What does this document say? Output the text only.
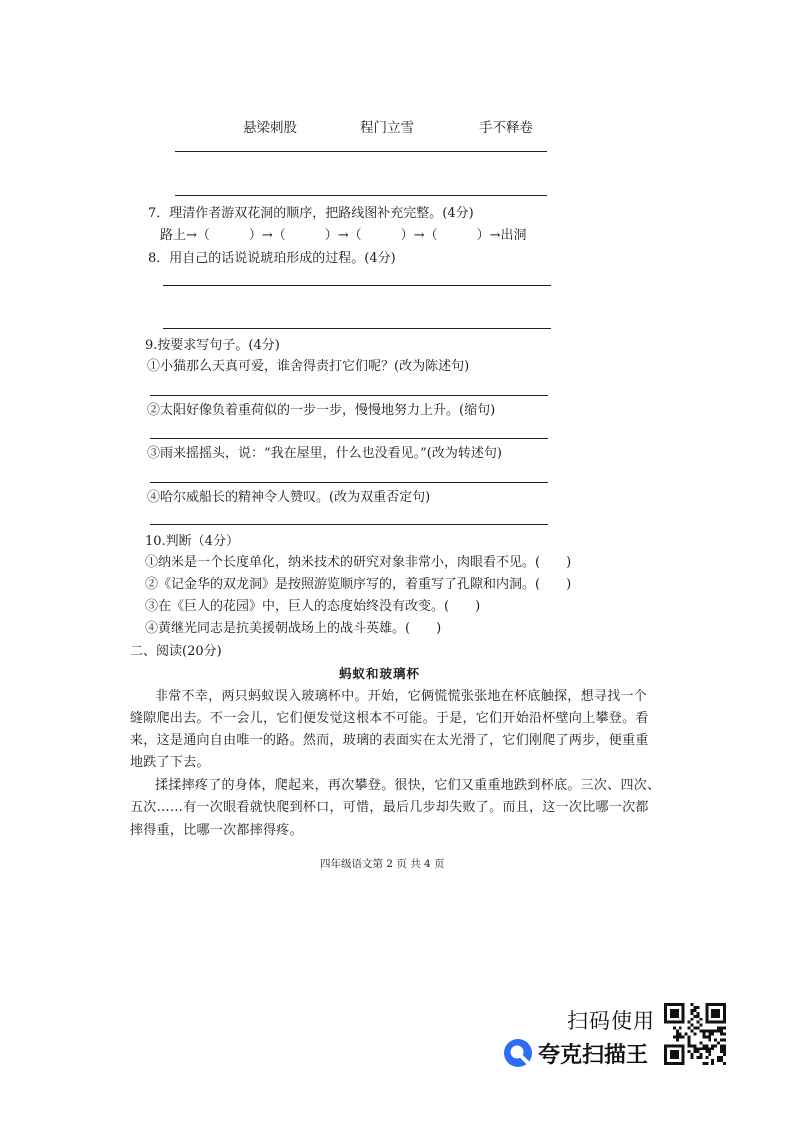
悬梁刺股	程门立雪	手不释卷
7．理清作者游双花洞的顺序，把路线图补充完整。(4分)
路上→（　　　）→（　　　）→（　　　）→（　　　）→出洞
8．用自己的话说说琥珀形成的过程。(4分)
9.按要求写句子。(4分)
①小猫那么天真可爱，谁舍得责打它们呢？(改为陈述句)
②太阳好像负着重荷似的一步一步，慢慢地努力上升。(缩句)
③雨来摇摇头，说：“我在屋里，什么也没看见。”(改为转述句)
④哈尔威船长的精神令人赞叹。(改为双重否定句)
10.判断（4分）
①纳米是一个长度单化，纳米技术的研究对象非常小，肉眼看不见。(　　)
②《记金华的双龙洞》是按照游览顺序写的，着重写了孔隙和内洞。(　　)
③在《巨人的花园》中，巨人的态度始终没有改变。(　　)
④黄继光同志是抗美援朝战场上的战斗英雄。(　　)
二、阅读(20分)
蚂蚁和玻璃杯
非常不幸，两只蚂蚁误入玻璃杯中。开始，它俩慌慌张张地在杯底触探，想寻找一个
缝隙爬出去。不一会儿，它们便发觉这根本不可能。于是，它们开始沿杯壁向上攀登。看
来，这是通向自由唯一的路。然而，玻璃的表面实在太光滑了，它们刚爬了两步，便重重
地跌了下去。
揉揉摔疼了的身体，爬起来，再次攀登。很快，它们又重重地跌到杯底。三次、四次、
五次……有一次眼看就快爬到杯口，可惜，最后几步却失败了。而且，这一次比哪一次都
摔得重，比哪一次都摔得疼。
四年级语文第 2 页 共 4 页
扫码使用
夸克扫描王
